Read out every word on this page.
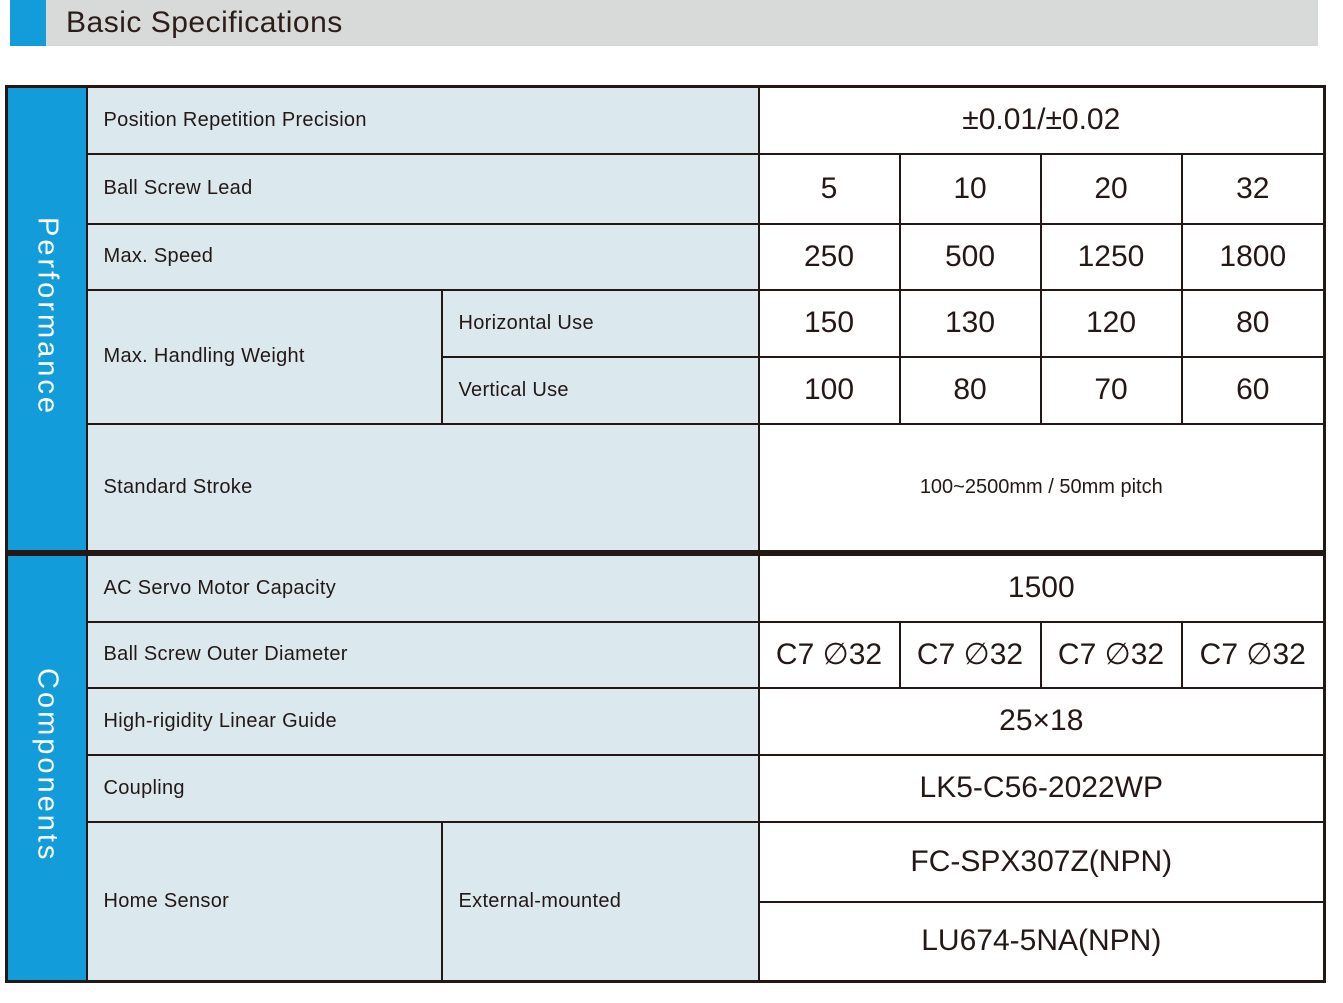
Basic Specifications
Performance	Position Repetition Precision		±0.01/±0.02			
	Ball Screw Lead		5	10	20	32
	Max. Speed		250	500	1250	1800
	Max. Handling Weight	Horizontal Use	150	130	120	80
		Vertical Use	100	80	70	60
	Standard Stroke		100~2500mm / 50mm pitch			
Components	AC Servo Motor Capacity		1500			
	Ball Screw Outer Diameter		C7 ∅32	C7 ∅32	C7 ∅32	C7 ∅32
	High-rigidity Linear Guide		25×18			
	Coupling		LK5-C56-2022WP			
	Home Sensor	External-mounted	FC-SPX307Z(NPN)			
			LU674-5NA(NPN)			
